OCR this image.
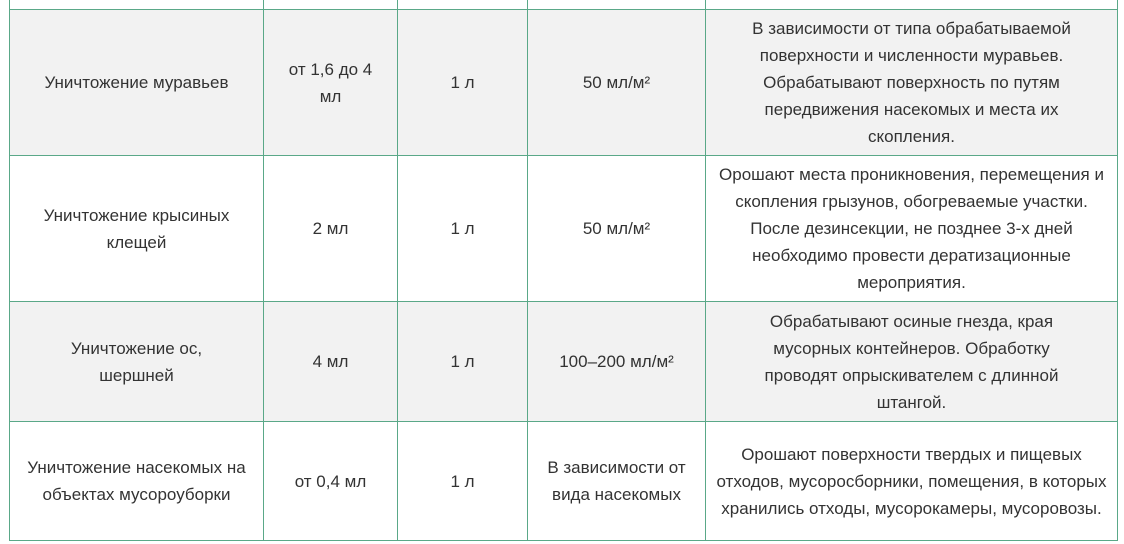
Уничтожение муравьев	от 1,6 до 4 мл	1 л	50 мл/м²	В зависимости от типа обрабатываемой поверхности и численности муравьев. Обрабатывают поверхность по путям передвижения насекомых и места их скопления.
Уничтожение крысиных клещей	2 мл	1 л	50 мл/м²	Орошают места проникновения, перемещения и скопления грызунов, обогреваемые участки. После дезинсекции, не позднее 3-х дней необходимо провести дератизационные мероприятия.
Уничтожение ос, шершней	4 мл	1 л	100–200 мл/м²	Обрабатывают осиные гнезда, края мусорных контейнеров. Обработку проводят опрыскивателем с длинной штангой.
Уничтожение насекомых на объектах мусороуборки	от 0,4 мл	1 л	В зависимости от вида насекомых	Орошают поверхности твердых и пищевых отходов, мусоросборники, помещения, в которых хранились отходы, мусорокамеры, мусоровозы.
